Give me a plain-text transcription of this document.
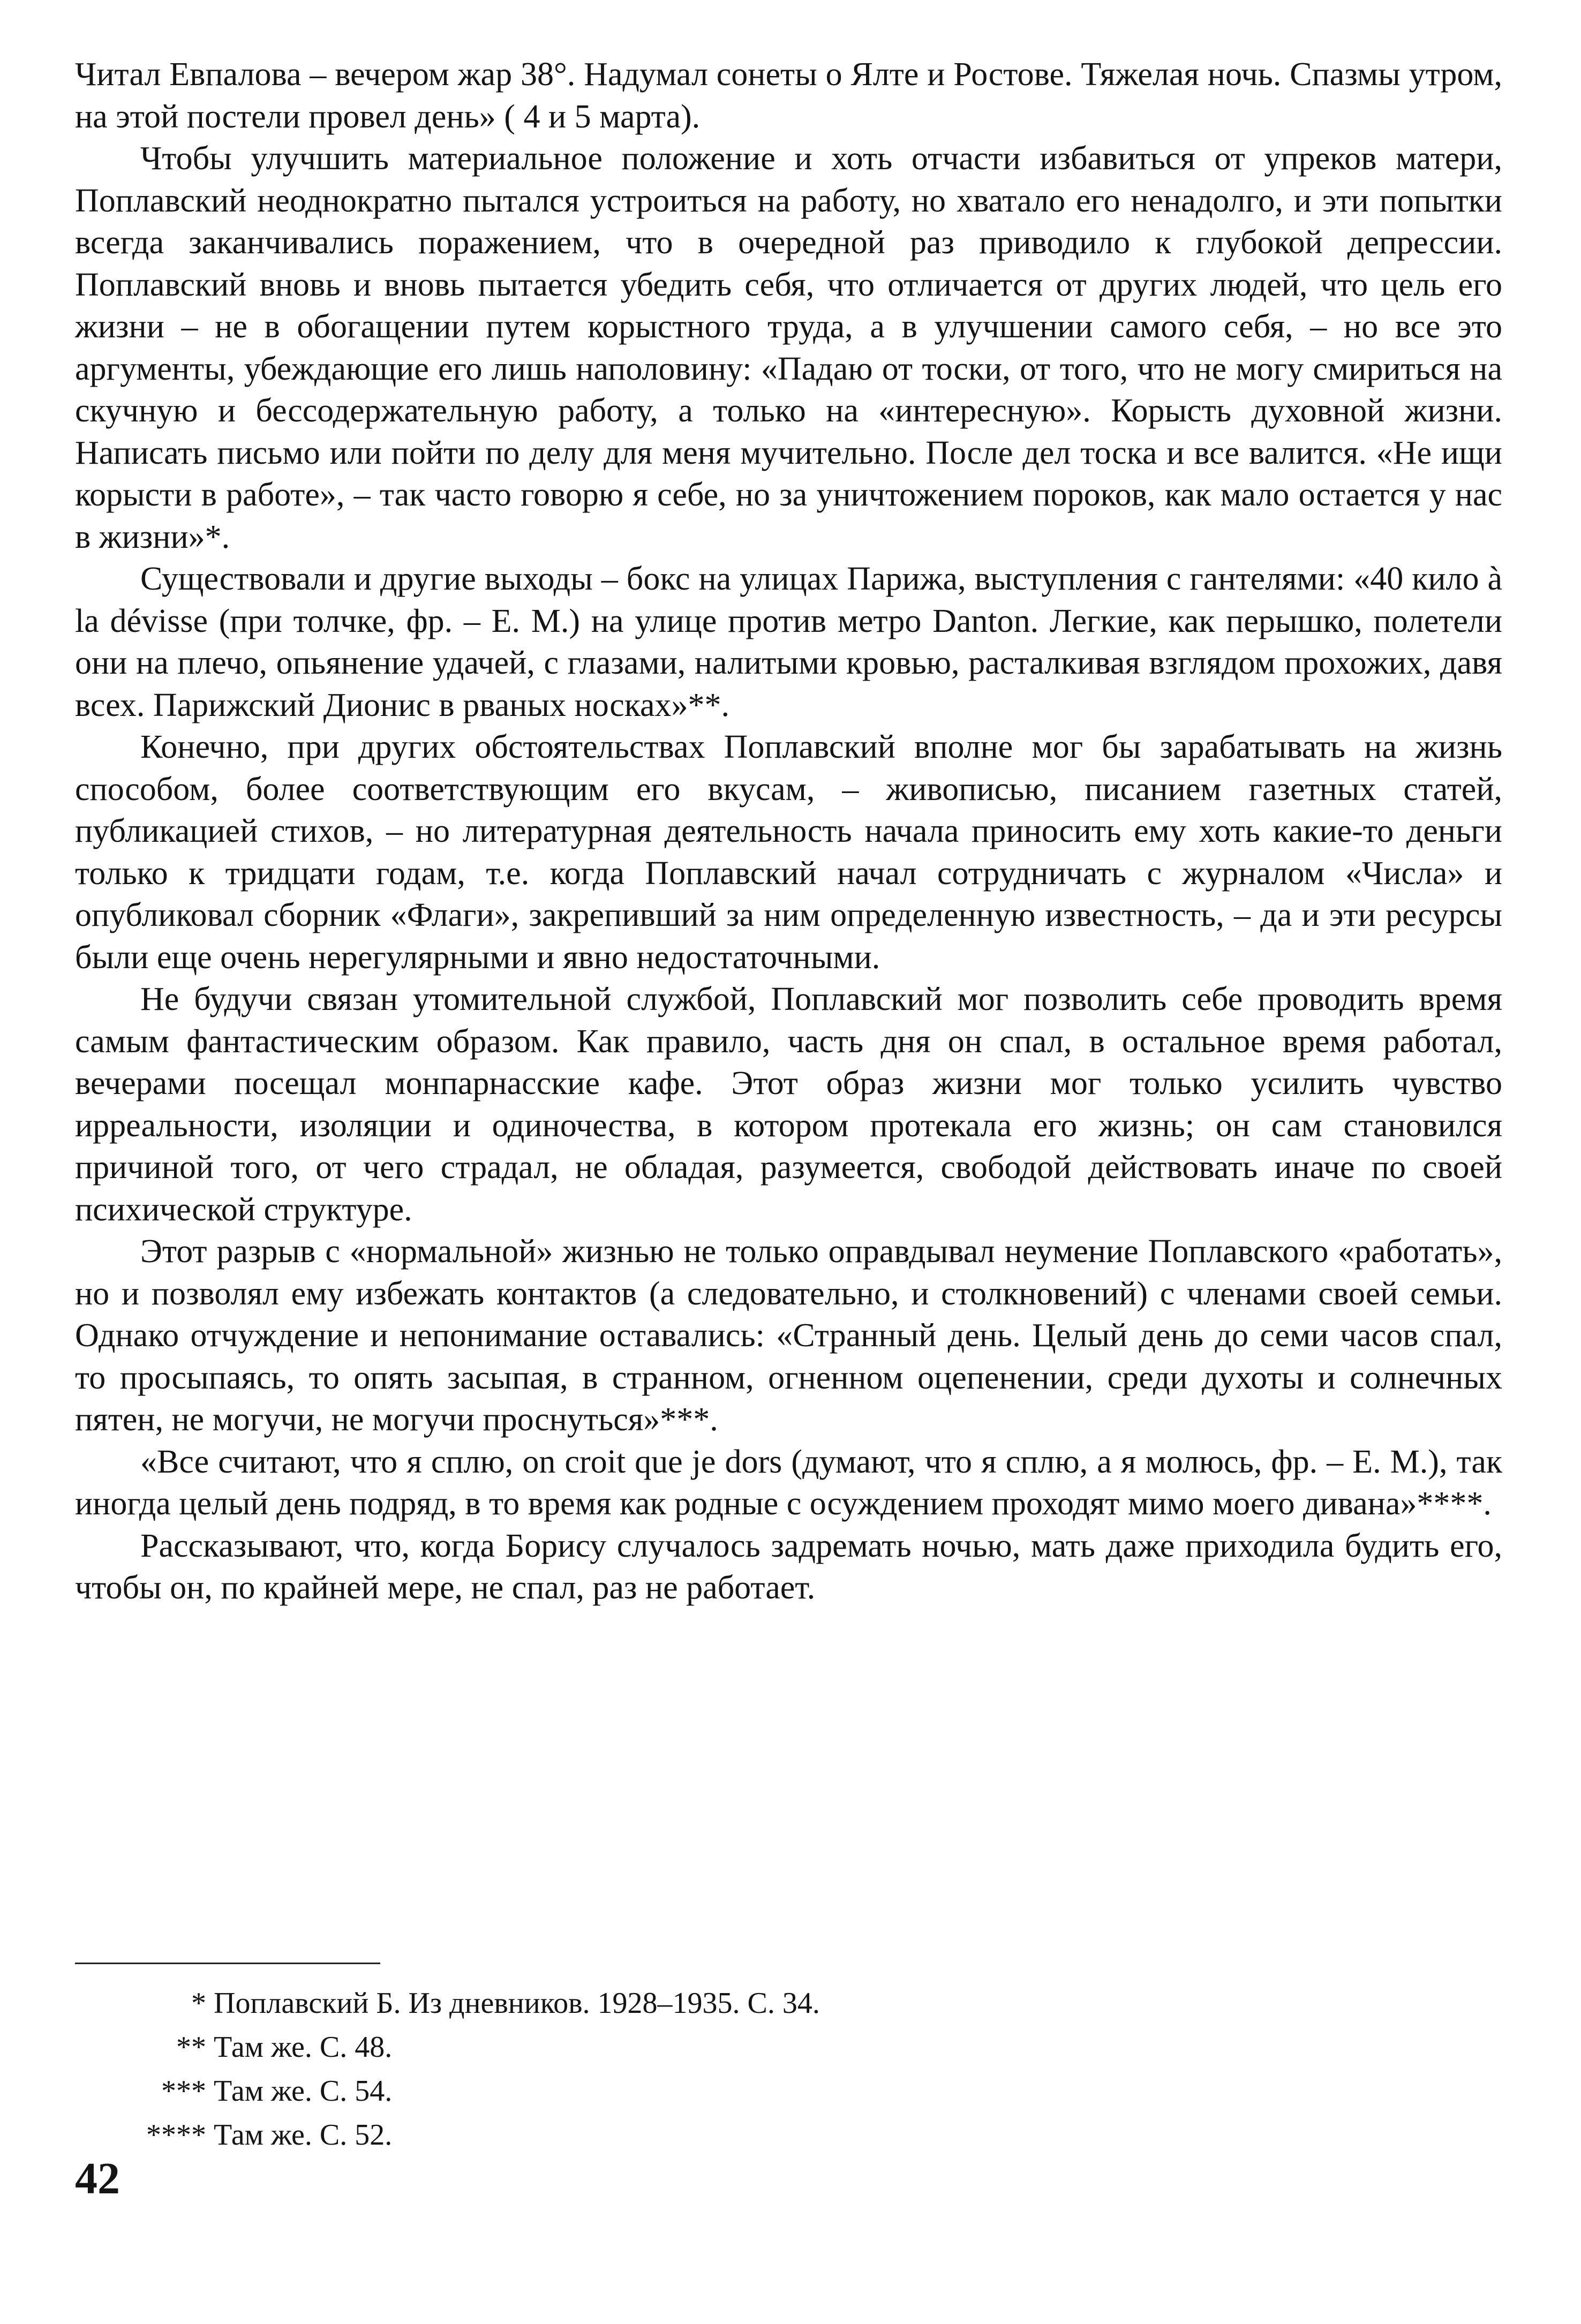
Читал Евпалова – вечером жар 38°. Надумал сонеты о Ялте и Ростове. Тяжелая ночь. Спазмы утром, на этой постели провел день» ( 4 и 5 марта).

Чтобы улучшить материальное положение и хоть отчасти избавиться от упреков матери, Поплавский неоднократно пытался устроиться на работу, но хватало его ненадолго, и эти попытки всегда заканчивались поражением, что в очередной раз приводило к глубокой депрессии. Поплавский вновь и вновь пытается убедить себя, что отличается от других людей, что цель его жизни – не в обогащении путем корыстного труда, а в улучшении самого себя, – но все это аргументы, убеждающие его лишь наполовину: «Падаю от тоски, от того, что не могу смириться на скучную и бессодержательную работу, а только на «интересную». Корысть духовной жизни. Написать письмо или пойти по делу для меня мучительно. После дел тоска и все валится. «Не ищи корысти в работе», – так часто говорю я себе, но за уничтожением пороков, как мало остается у нас в жизни»*.

Существовали и другие выходы – бокс на улицах Парижа, выступления с гантелями: «40 кило à la dévisse (при толчке, фр. – Е. М.) на улице против метро Danton. Легкие, как перышко, полетели они на плечо, опьянение удачей, с глазами, налитыми кровью, расталкивая взглядом прохожих, давя всех. Парижский Дионис в рваных носках»**.

Конечно, при других обстоятельствах Поплавский вполне мог бы зарабатывать на жизнь способом, более соответствующим его вкусам, – живописью, писанием газетных статей, публикацией стихов, – но литературная деятельность начала приносить ему хоть какие-то деньги только к тридцати годам, т.е. когда Поплавский начал сотрудничать с журналом «Числа» и опубликовал сборник «Флаги», закрепивший за ним определенную известность, – да и эти ресурсы были еще очень нерегулярными и явно недостаточными.

Не будучи связан утомительной службой, Поплавский мог позволить себе проводить время самым фантастическим образом. Как правило, часть дня он спал, в остальное время работал, вечерами посещал монпарнасские кафе. Этот образ жизни мог только усилить чувство ирреальности, изоляции и одиночества, в котором протекала его жизнь; он сам становился причиной того, от чего страдал, не обладая, разумеется, свободой действовать иначе по своей психической структуре.

Этот разрыв с «нормальной» жизнью не только оправдывал неумение Поплавского «работать», но и позволял ему избежать контактов (а следовательно, и столкновений) с членами своей семьи. Однако отчуждение и непонимание оставались: «Странный день. Целый день до семи часов спал, то просыпаясь, то опять засыпая, в странном, огненном оцепенении, среди духоты и солнечных пятен, не могучи, не могучи проснуться»***.

«Все считают, что я сплю, on croit que je dors (думают, что я сплю, а я молюсь, фр. – Е. М.), так иногда целый день подряд, в то время как родные с осуждением проходят мимо моего дивана»****.

Рассказывают, что, когда Борису случалось задремать ночью, мать даже приходила будить его, чтобы он, по крайней мере, не спал, раз не работает.

* Поплавский Б. Из дневников. 1928–1935. С. 34.

** Там же. С. 48.

*** Там же. С. 54.

**** Там же. С. 52.

42
